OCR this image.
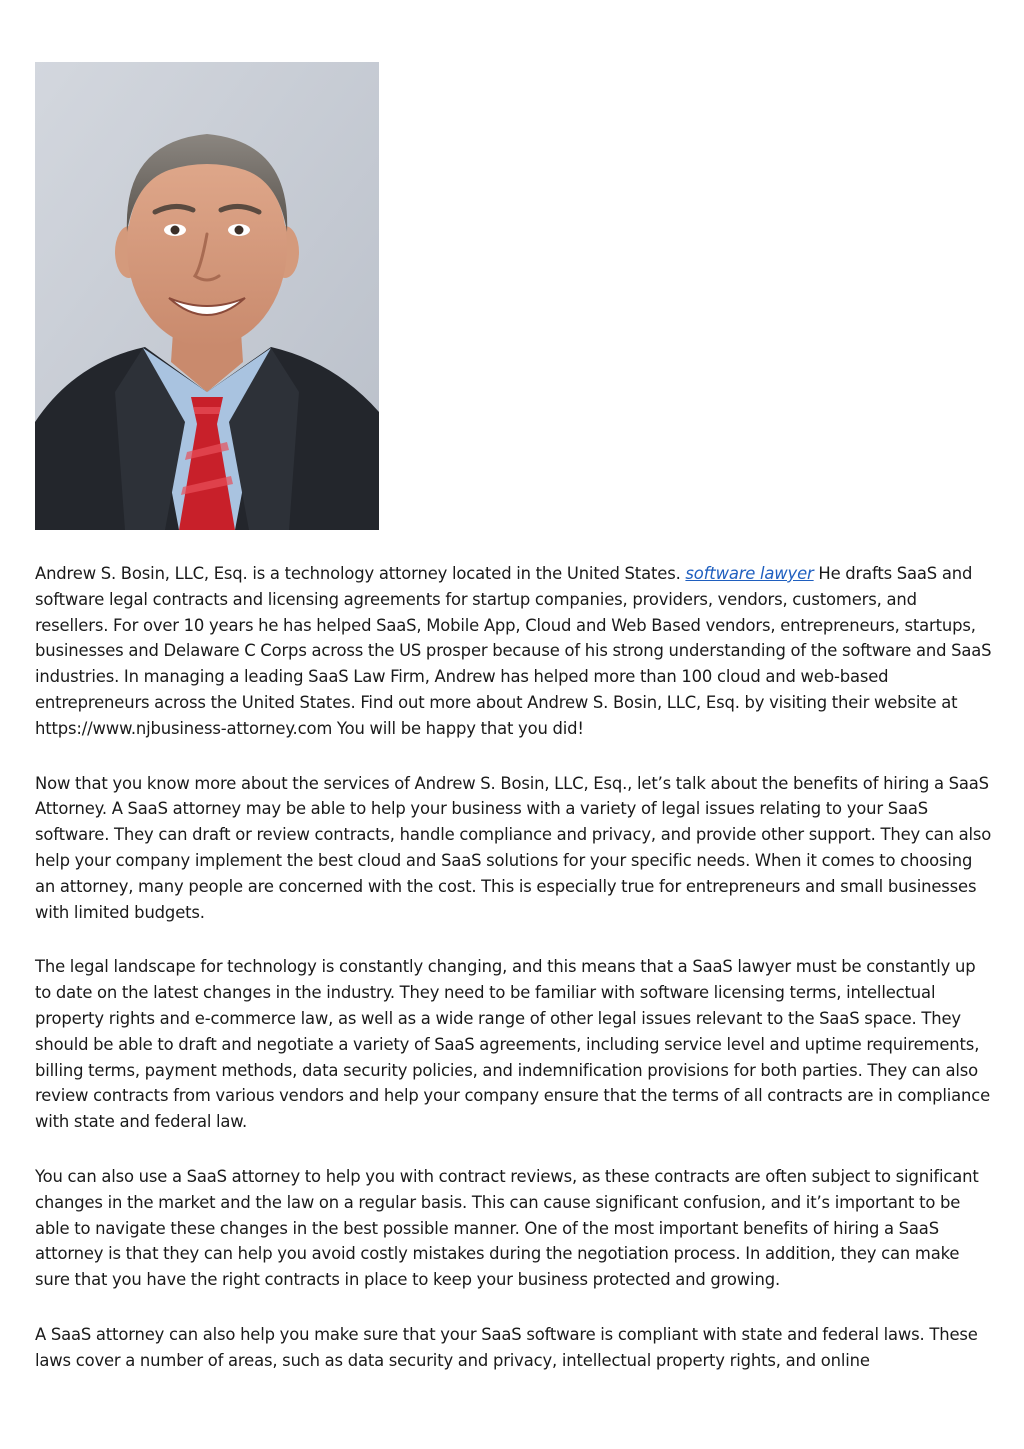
Andrew S. Bosin, LLC, Esq. is a technology attorney located in the United States. software lawyer He drafts SaaS and software legal contracts and licensing agreements for startup companies, providers, vendors, customers, and resellers. For over 10 years he has helped SaaS, Mobile App, Cloud and Web Based vendors, entrepreneurs, startups, businesses and Delaware C Corps across the US prosper because of his strong understanding of the software and SaaS industries. In managing a leading SaaS Law Firm, Andrew has helped more than 100 cloud and web-based entrepreneurs across the United States. Find out more about Andrew S. Bosin, LLC, Esq. by visiting their website at https://www.njbusiness-attorney.com You will be happy that you did!

Now that you know more about the services of Andrew S. Bosin, LLC, Esq., let’s talk about the benefits of hiring a SaaS Attorney. A SaaS attorney may be able to help your business with a variety of legal issues relating to your SaaS software. They can draft or review contracts, handle compliance and privacy, and provide other support. They can also help your company implement the best cloud and SaaS solutions for your specific needs. When it comes to choosing an attorney, many people are concerned with the cost. This is especially true for entrepreneurs and small businesses with limited budgets.

The legal landscape for technology is constantly changing, and this means that a SaaS lawyer must be constantly up to date on the latest changes in the industry. They need to be familiar with software licensing terms, intellectual property rights and e-commerce law, as well as a wide range of other legal issues relevant to the SaaS space. They should be able to draft and negotiate a variety of SaaS agreements, including service level and uptime requirements, billing terms, payment methods, data security policies, and indemnification provisions for both parties. They can also review contracts from various vendors and help your company ensure that the terms of all contracts are in compliance with state and federal law.

You can also use a SaaS attorney to help you with contract reviews, as these contracts are often subject to significant changes in the market and the law on a regular basis. This can cause significant confusion, and it’s important to be able to navigate these changes in the best possible manner. One of the most important benefits of hiring a SaaS attorney is that they can help you avoid costly mistakes during the negotiation process. In addition, they can make sure that you have the right contracts in place to keep your business protected and growing.

A SaaS attorney can also help you make sure that your SaaS software is compliant with state and federal laws. These laws cover a number of areas, such as data security and privacy, intellectual property rights, and online
